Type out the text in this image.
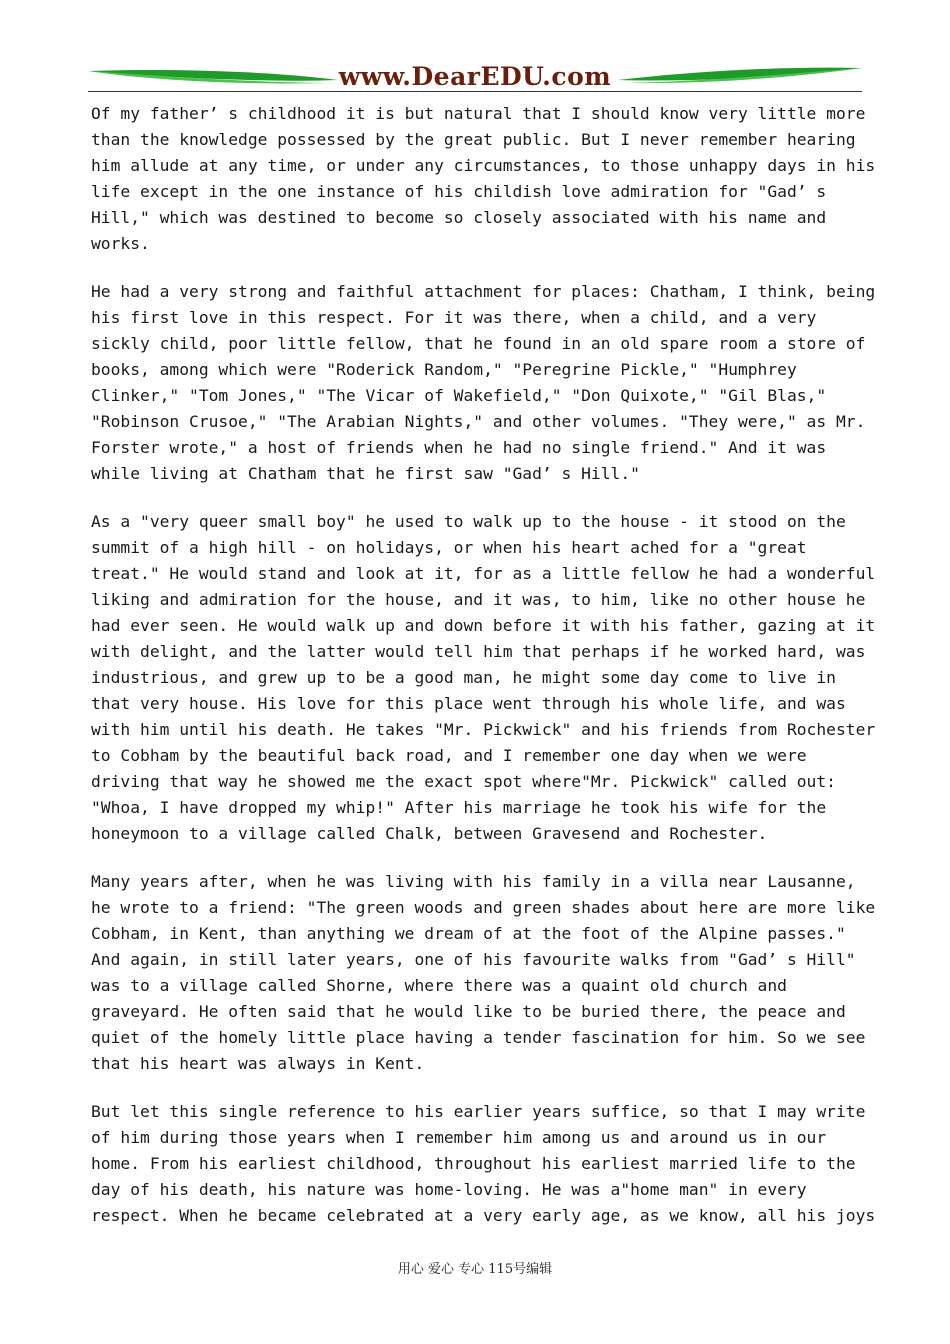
www.DearEDU.com

Of my father’ s childhood it is but natural that I should know very little more
than the knowledge possessed by the great public. But I never remember hearing
him allude at any time, or under any circumstances, to those unhappy days in his
life except in the one instance of his childish love admiration for "Gad’ s
Hill," which was destined to become so closely associated with his name and
works.

He had a very strong and faithful attachment for places: Chatham, I think, being
his first love in this respect. For it was there, when a child, and a very
sickly child, poor little fellow, that he found in an old spare room a store of
books, among which were "Roderick Random," "Peregrine Pickle," "Humphrey
Clinker," "Tom Jones," "The Vicar of Wakefield," "Don Quixote," "Gil Blas,"
"Robinson Crusoe," "The Arabian Nights," and other volumes. "They were," as Mr.
Forster wrote," a host of friends when he had no single friend." And it was
while living at Chatham that he first saw "Gad’ s Hill."

As a "very queer small boy" he used to walk up to the house - it stood on the
summit of a high hill - on holidays, or when his heart ached for a "great
treat." He would stand and look at it, for as a little fellow he had a wonderful
liking and admiration for the house, and it was, to him, like no other house he
had ever seen. He would walk up and down before it with his father, gazing at it
with delight, and the latter would tell him that perhaps if he worked hard, was
industrious, and grew up to be a good man, he might some day come to live in
that very house. His love for this place went through his whole life, and was
with him until his death. He takes "Mr. Pickwick" and his friends from Rochester
to Cobham by the beautiful back road, and I remember one day when we were
driving that way he showed me the exact spot where"Mr. Pickwick" called out:
"Whoa, I have dropped my whip!" After his marriage he took his wife for the
honeymoon to a village called Chalk, between Gravesend and Rochester.

Many years after, when he was living with his family in a villa near Lausanne,
he wrote to a friend: "The green woods and green shades about here are more like
Cobham, in Kent, than anything we dream of at the foot of the Alpine passes."
And again, in still later years, one of his favourite walks from "Gad’ s Hill"
was to a village called Shorne, where there was a quaint old church and
graveyard. He often said that he would like to be buried there, the peace and
quiet of the homely little place having a tender fascination for him. So we see
that his heart was always in Kent.

But let this single reference to his earlier years suffice, so that I may write
of him during those years when I remember him among us and around us in our
home. From his earliest childhood, throughout his earliest married life to the
day of his death, his nature was home-loving. He was a"home man" in every
respect. When he became celebrated at a very early age, as we know, all his joys

用心 爱心 专心 115号编辑
